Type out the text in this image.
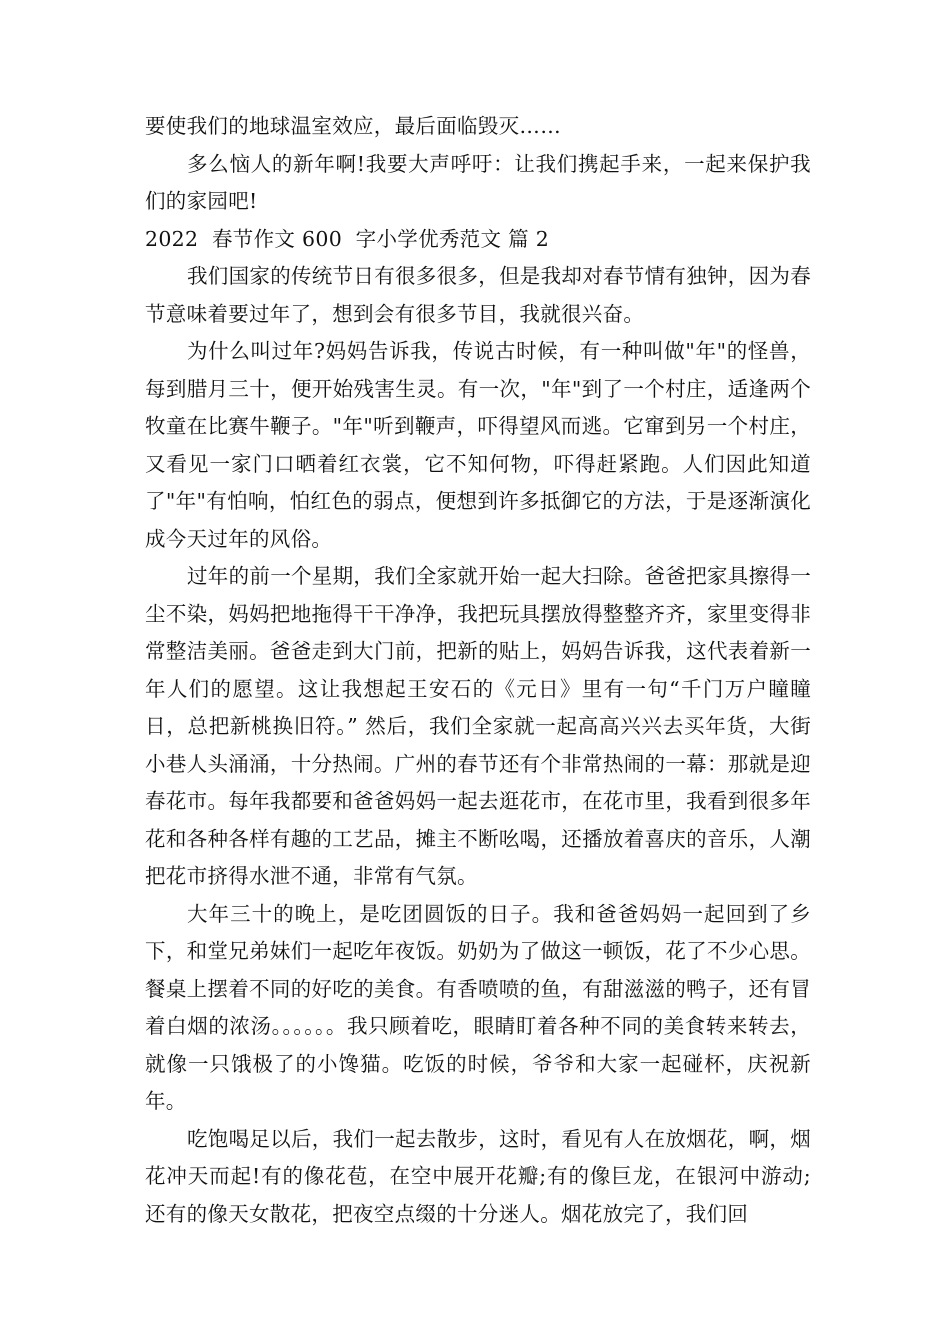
要使我们的地球温室效应，最后面临毁灭……

多么恼人的新年啊!我要大声呼吁：让我们携起手来，一起来保护我们的家园吧!

2022  春节作文 600  字小学优秀范文 篇 2

我们国家的传统节日有很多很多，但是我却对春节情有独钟，因为春节意味着要过年了，想到会有很多节目，我就很兴奋。

为什么叫过年?妈妈告诉我，传说古时候，有一种叫做"年"的怪兽，每到腊月三十，便开始残害生灵。有一次，"年"到了一个村庄，适逢两个牧童在比赛牛鞭子。"年"听到鞭声，吓得望风而逃。它窜到另一个村庄，又看见一家门口晒着红衣裳，它不知何物，吓得赶紧跑。人们因此知道了"年"有怕响，怕红色的弱点，便想到许多抵御它的方法，于是逐渐演化成今天过年的风俗。

过年的前一个星期，我们全家就开始一起大扫除。爸爸把家具擦得一尘不染，妈妈把地拖得干干净净，我把玩具摆放得整整齐齐，家里变得非常整洁美丽。爸爸走到大门前，把新的贴上，妈妈告诉我，这代表着新一年人们的愿望。这让我想起王安石的《元日》里有一句“千门万户瞳瞳日，总把新桃换旧符。” 然后，我们全家就一起高高兴兴去买年货，大街小巷人头涌涌，十分热闹。广州的春节还有个非常热闹的一幕：那就是迎春花市。每年我都要和爸爸妈妈一起去逛花市，在花市里，我看到很多年花和各种各样有趣的工艺品，摊主不断吆喝，还播放着喜庆的音乐，人潮把花市挤得水泄不通，非常有气氛。

大年三十的晚上，是吃团圆饭的日子。我和爸爸妈妈一起回到了乡下，和堂兄弟妹们一起吃年夜饭。奶奶为了做这一顿饭，花了不少心思。餐桌上摆着不同的好吃的美食。有香喷喷的鱼，有甜滋滋的鸭子，还有冒着白烟的浓汤。。。。。。我只顾着吃，眼睛盯着各种不同的美食转来转去，就像一只饿极了的小馋猫。吃饭的时候，爷爷和大家一起碰杯，庆祝新年。

吃饱喝足以后，我们一起去散步，这时，看见有人在放烟花，啊，烟花冲天而起!有的像花苞，在空中展开花瓣;有的像巨龙，在银河中游动;还有的像天女散花，把夜空点缀的十分迷人。烟花放完了，我们回
